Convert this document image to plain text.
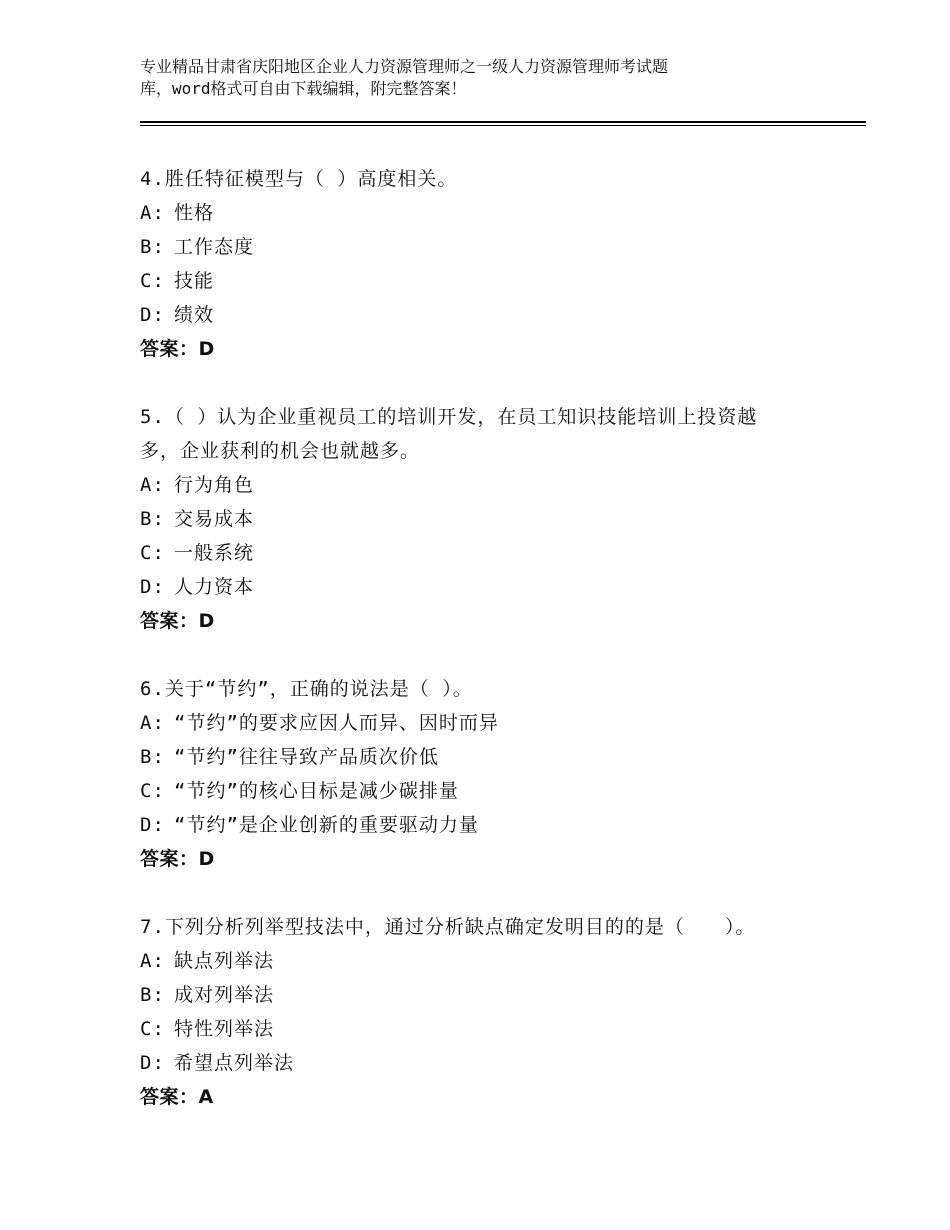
专业精品甘肃省庆阳地区企业人力资源管理师之一级人力资源管理师考试题
库，word格式可自由下载编辑，附完整答案！
4.胜任特征模型与（ ）高度相关。
A: 性格
B: 工作态度
C: 技能
D: 绩效
答案：D
5.（ ）认为企业重视员工的培训开发，在员工知识技能培训上投资越
多，企业获利的机会也就越多。
A: 行为角色
B: 交易成本
C: 一般系统
D: 人力资本
答案：D
6.关于“节约”，正确的说法是（ ）。
A: “节约”的要求应因人而异、因时而异
B: “节约”往往导致产品质次价低
C: “节约”的核心目标是减少碳排量
D: “节约”是企业创新的重要驱动力量
答案：D
7.下列分析列举型技法中，通过分析缺点确定发明目的的是（　　）。
A: 缺点列举法
B: 成对列举法
C: 特性列举法
D: 希望点列举法
答案：A
